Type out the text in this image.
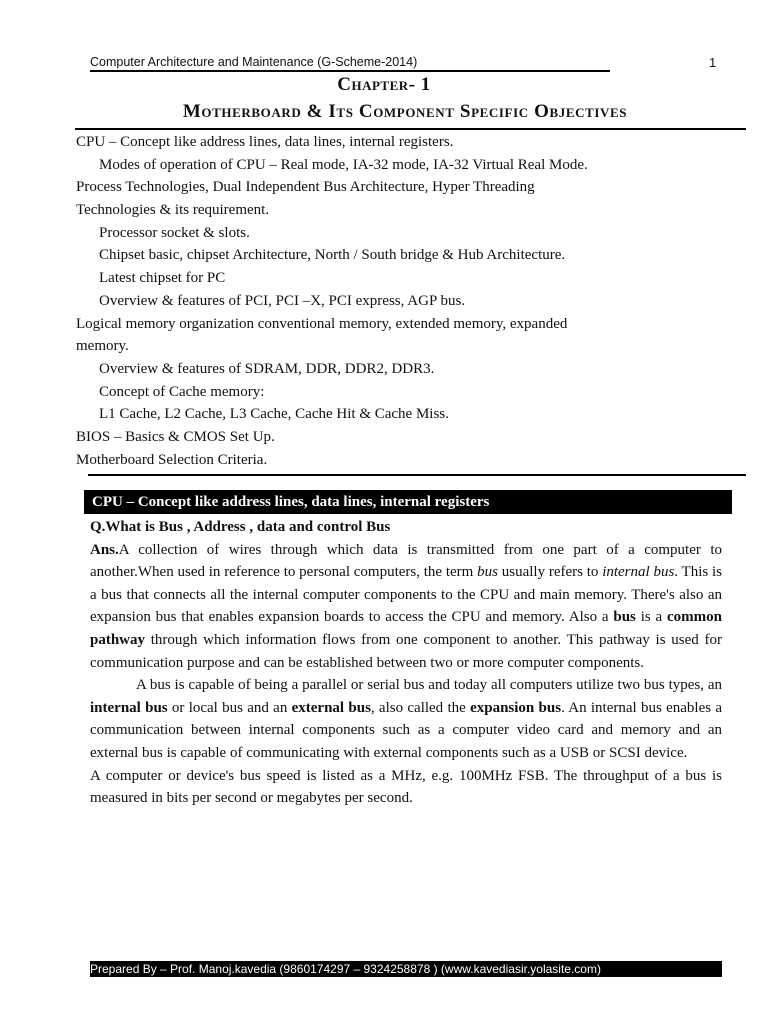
Computer Architecture and Maintenance (G-Scheme-2014)	1
Chapter- 1
Motherboard & Its Component Specific Objectives
CPU – Concept like address lines, data lines, internal registers.
Modes of operation of CPU – Real mode, IA-32 mode, IA-32 Virtual Real Mode.
Process Technologies, Dual Independent Bus Architecture, Hyper Threading
Technologies & its requirement.
Processor socket & slots.
Chipset basic, chipset Architecture, North / South bridge & Hub Architecture.
Latest chipset for PC
Overview & features of PCI, PCI –X, PCI express, AGP bus.
Logical memory organization conventional memory, extended memory, expanded
memory.
Overview & features of SDRAM, DDR, DDR2, DDR3.
Concept of Cache memory:
L1 Cache, L2 Cache, L3 Cache, Cache Hit & Cache Miss.
BIOS – Basics & CMOS Set Up.
Motherboard Selection Criteria.
CPU – Concept like address lines, data lines, internal registers

Q.What is Bus , Address , data and control Bus

Ans.A collection of wires through which data is transmitted from one part of a computer to another.When used in reference to personal computers, the term bus usually refers to internal bus. This is a bus that connects all the internal computer components to the CPU and main memory. There's also an expansion bus that enables expansion boards to access the CPU and memory. Also a bus is a common pathway through which information flows from one component to another. This pathway is used for communication purpose and can be established between two or more computer components.

A bus is capable of being a parallel or serial bus and today all computers utilize two bus types, an internal bus or local bus and an external bus, also called the expansion bus. An internal bus enables a communication between internal components such as a computer video card and memory and an external bus is capable of communicating with external components such as a USB or SCSI device.

A computer or device's bus speed is listed as a MHz, e.g. 100MHz FSB. The throughput of a bus is measured in bits per second or megabytes per second.

Prepared By – Prof. Manoj.kavedia (9860174297 – 9324258878 ) (www.kavediasir.yolasite.com)
